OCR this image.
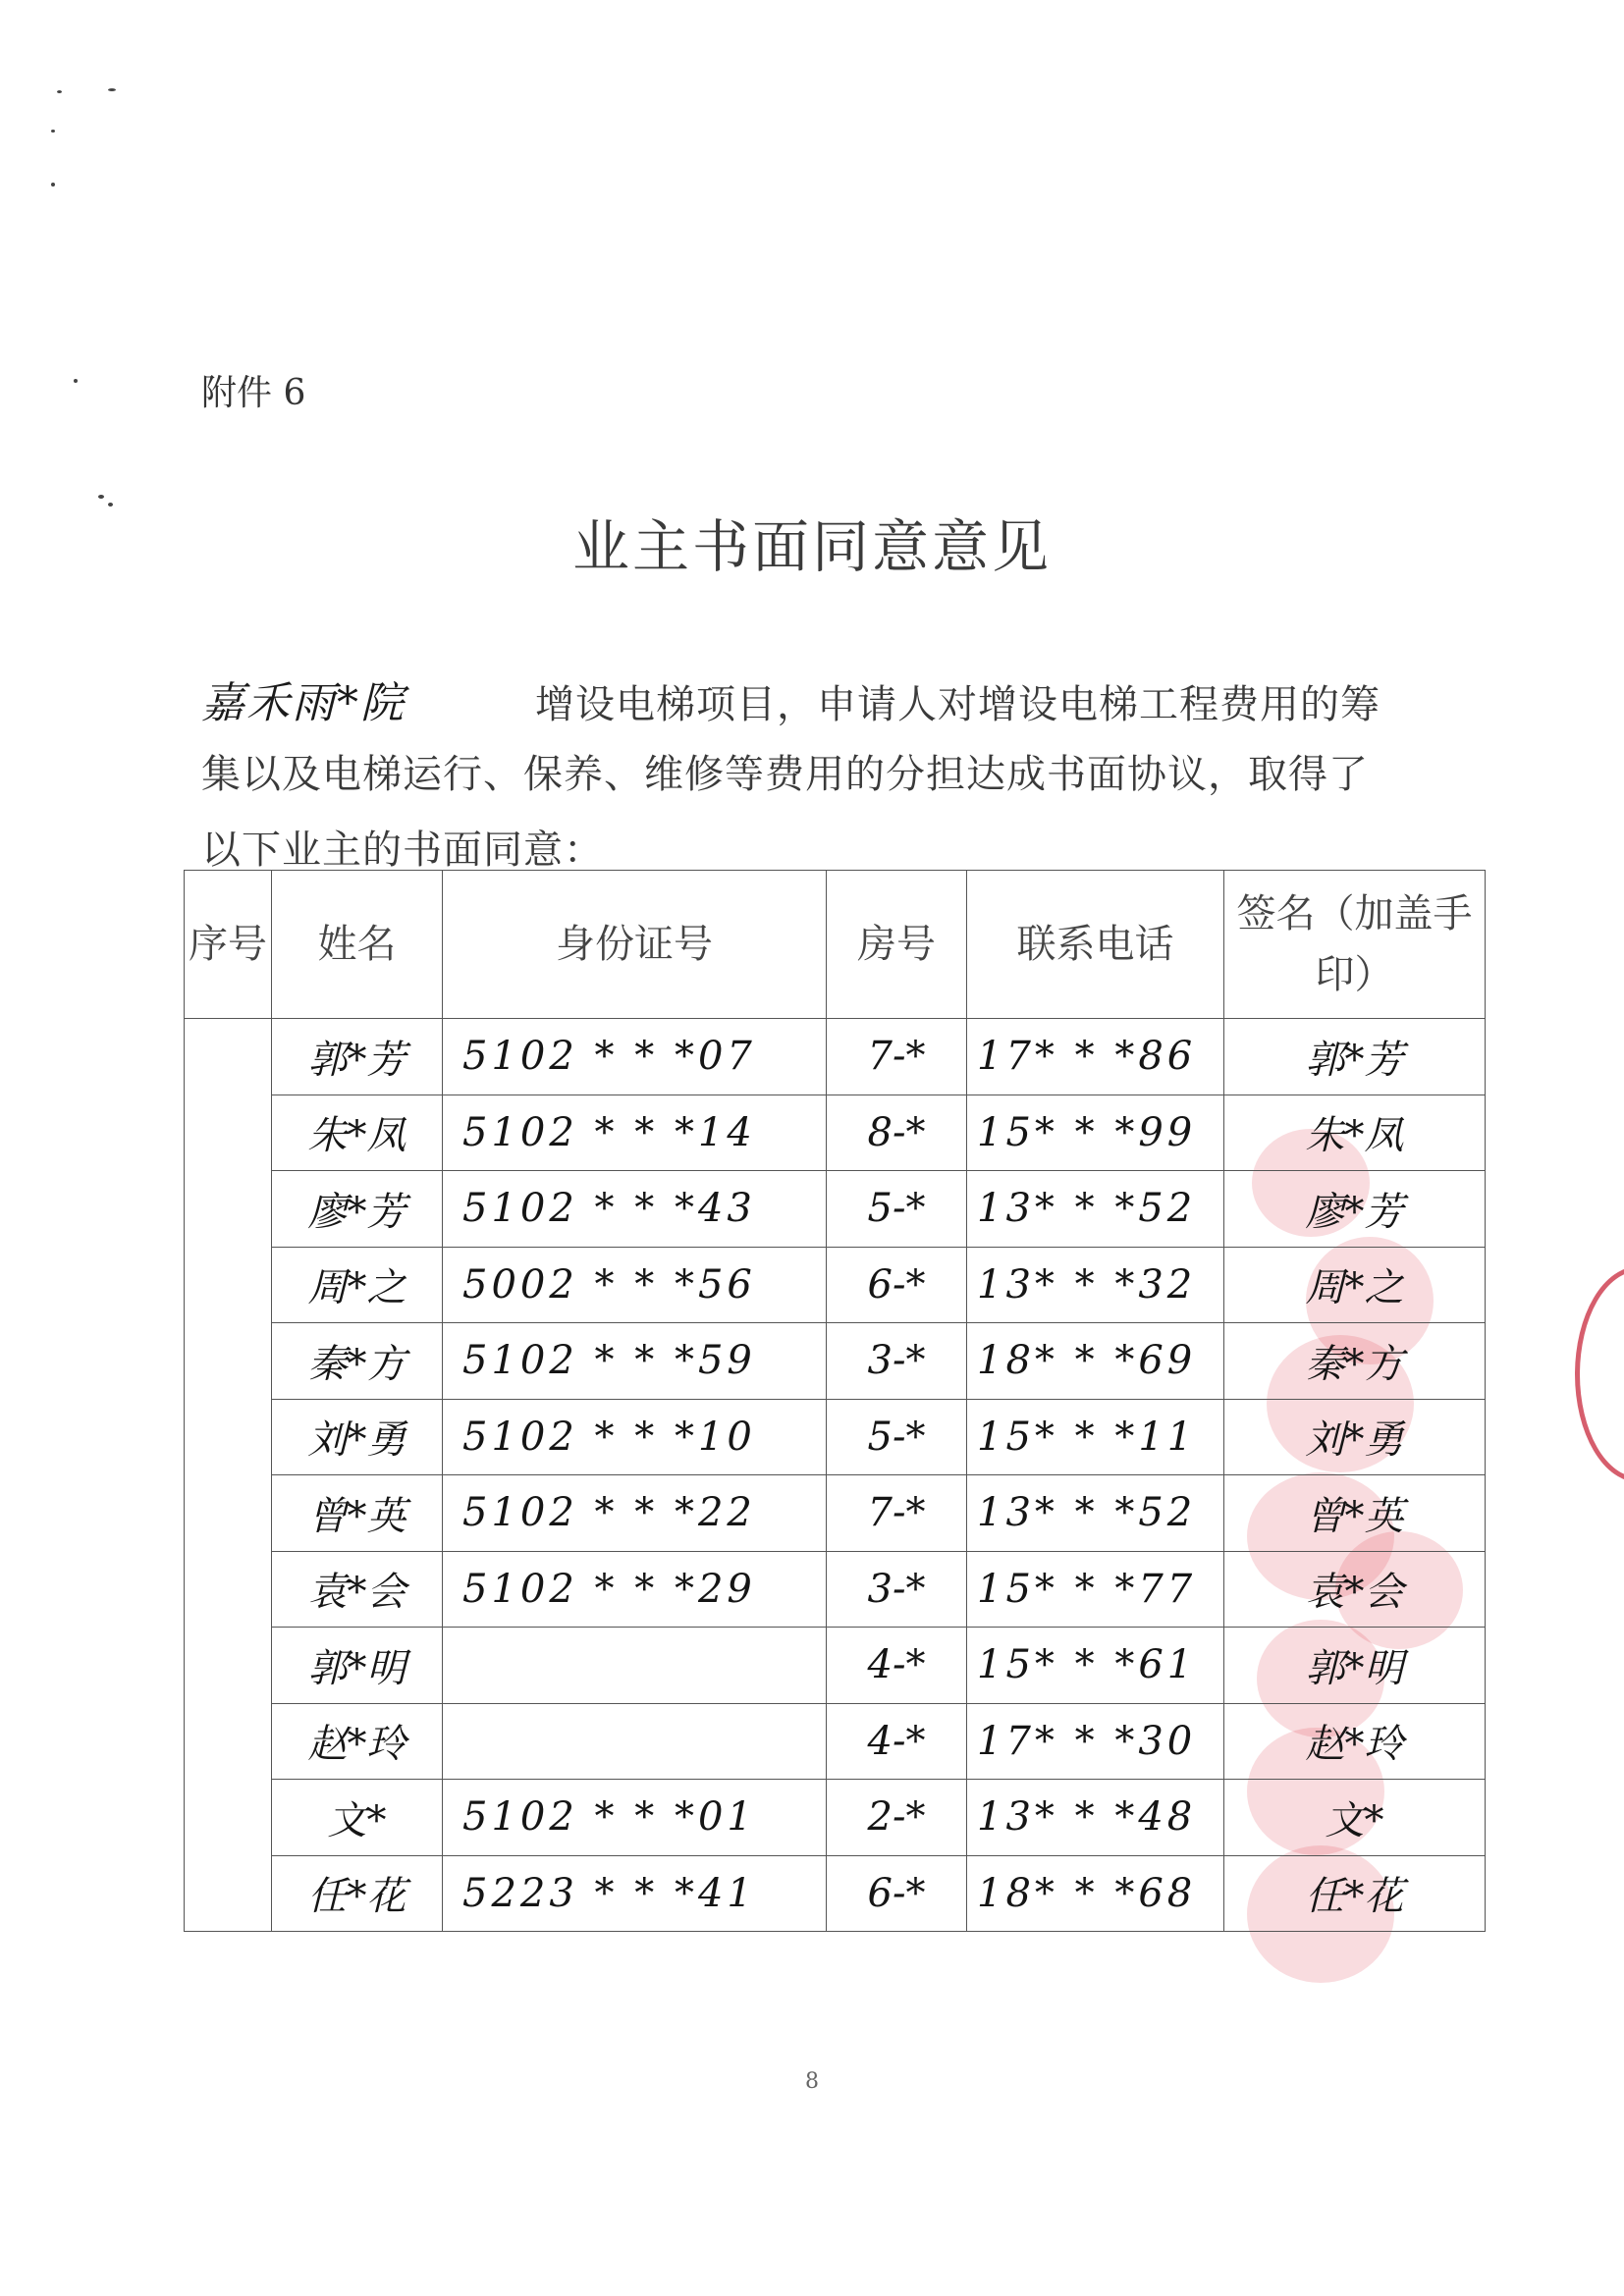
附件 6
业主书面同意意见
嘉禾雨*院	增设电梯项目，申请人对增设电梯工程费用的筹
集以及电梯运行、保养、维修等费用的分担达成书面协议，取得了
以下业主的书面同意：
序号	姓名	身份证号	房号	联系电话	签名（加盖手印）
	郭*芳	5102 * * *07	7-*	17* * *86	郭*芳
	朱*凤	5102 * * *14	8-*	15* * *99	朱*凤
	廖*芳	5102 * * *43	5-*	13* * *52	廖*芳
	周*之	5002 * * *56	6-*	13* * *32	周*之
	秦*方	5102 * * *59	3-*	18* * *69	秦*方
	刘*勇	5102 * * *10	5-*	15* * *11	刘*勇
	曾*英	5102 * * *22	7-*	13* * *52	曾*英
	袁*会	5102 * * *29	3-*	15* * *77	袁*会
	郭*明		4-*	15* * *61	郭*明
	赵*玲		4-*	17* * *30	赵*玲
	文*	5102 * * *01	2-*	13* * *48	文*
	任*花	5223 * * *41	6-*	18* * *68	任*花
8
